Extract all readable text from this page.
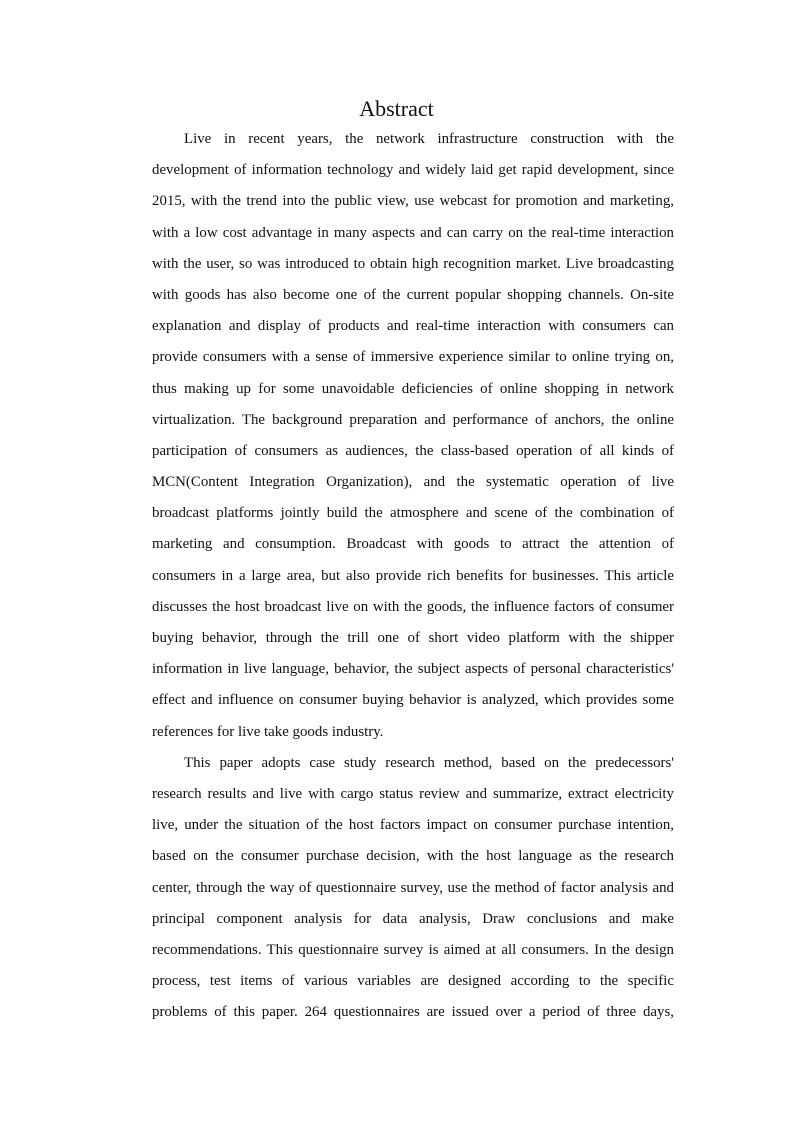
Abstract
Live in recent years, the network infrastructure construction with the
development of information technology and widely laid get rapid development, since
2015, with the trend into the public view, use webcast for promotion and marketing,
with a low cost advantage in many aspects and can carry on the real-time interaction
with the user, so was introduced to obtain high recognition market. Live broadcasting
with goods has also become one of the current popular shopping channels. On-site
explanation and display of products and real-time interaction with consumers can
provide consumers with a sense of immersive experience similar to online trying on,
thus making up for some unavoidable deficiencies of online shopping in network
virtualization. The background preparation and performance of anchors, the online
participation of consumers as audiences, the class-based operation of all kinds of
MCN(Content Integration Organization), and the systematic operation of live
broadcast platforms jointly build the atmosphere and scene of the combination of
marketing and consumption. Broadcast with goods to attract the attention of
consumers in a large area, but also provide rich benefits for businesses. This article
discusses the host broadcast live on with the goods, the influence factors of consumer
buying behavior, through the trill one of short video platform with the shipper
information in live language, behavior, the subject aspects of personal characteristics'
effect and influence on consumer buying behavior is analyzed, which provides some
references for live take goods industry.
This paper adopts case study research method, based on the predecessors'
research results and live with cargo status review and summarize, extract electricity
live, under the situation of the host factors impact on consumer purchase intention,
based on the consumer purchase decision, with the host language as the research
center, through the way of questionnaire survey, use the method of factor analysis and
principal component analysis for data analysis, Draw conclusions and make
recommendations. This questionnaire survey is aimed at all consumers. In the design
process, test items of various variables are designed according to the specific
problems of this paper. 264 questionnaires are issued over a period of three days,
